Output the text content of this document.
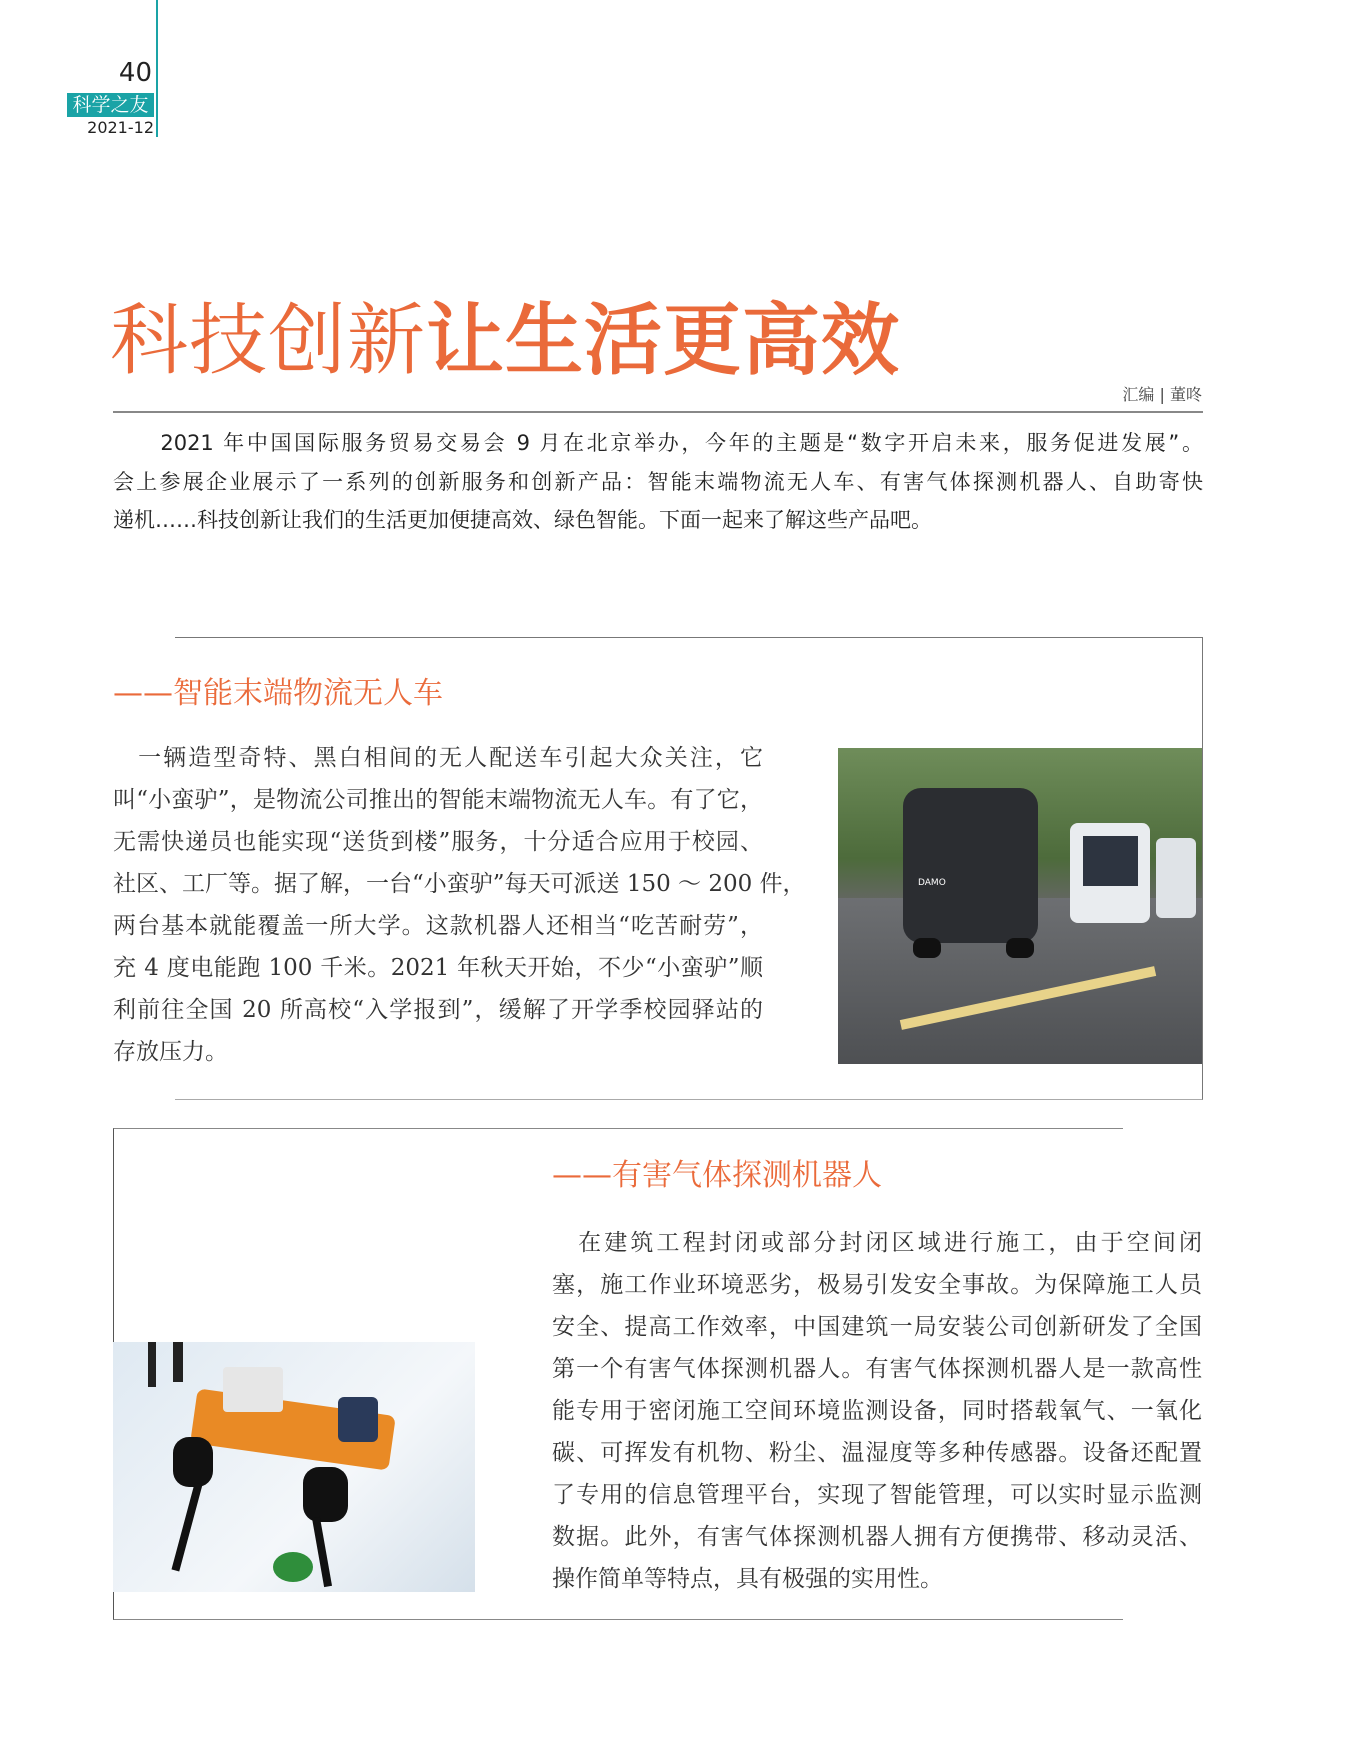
40
科学之友
2021-12
科技创新让生活更高效
汇编 | 董咚
　　2021 年中国国际服务贸易交易会 9 月在北京举办，今年的主题是“数字开启未来，服务促进发展”。
会上参展企业展示了一系列的创新服务和创新产品：智能末端物流无人车、有害气体探测机器人、自助寄快
递机……科技创新让我们的生活更加便捷高效、绿色智能。下面一起来了解这些产品吧。
——智能末端物流无人车
　一辆造型奇特、黑白相间的无人配送车引起大众关注，它
叫“小蛮驴”，是物流公司推出的智能末端物流无人车。有了它，
无需快递员也能实现“送货到楼”服务，十分适合应用于校园、
社区、工厂等。据了解，一台“小蛮驴”每天可派送 150 ～ 200 件，
两台基本就能覆盖一所大学。这款机器人还相当“吃苦耐劳”，
充 4 度电能跑 100 千米。2021 年秋天开始，不少“小蛮驴”顺
利前往全国 20 所高校“入学报到”，缓解了开学季校园驿站的
存放压力。
DAMO
——有害气体探测机器人
　在建筑工程封闭或部分封闭区域进行施工，由于空间闭
塞，施工作业环境恶劣，极易引发安全事故。为保障施工人员
安全、提高工作效率，中国建筑一局安装公司创新研发了全国
第一个有害气体探测机器人。有害气体探测机器人是一款高性
能专用于密闭施工空间环境监测设备，同时搭载氧气、一氧化
碳、可挥发有机物、粉尘、温湿度等多种传感器。设备还配置
了专用的信息管理平台，实现了智能管理，可以实时显示监测
数据。此外，有害气体探测机器人拥有方便携带、移动灵活、
操作简单等特点，具有极强的实用性。
